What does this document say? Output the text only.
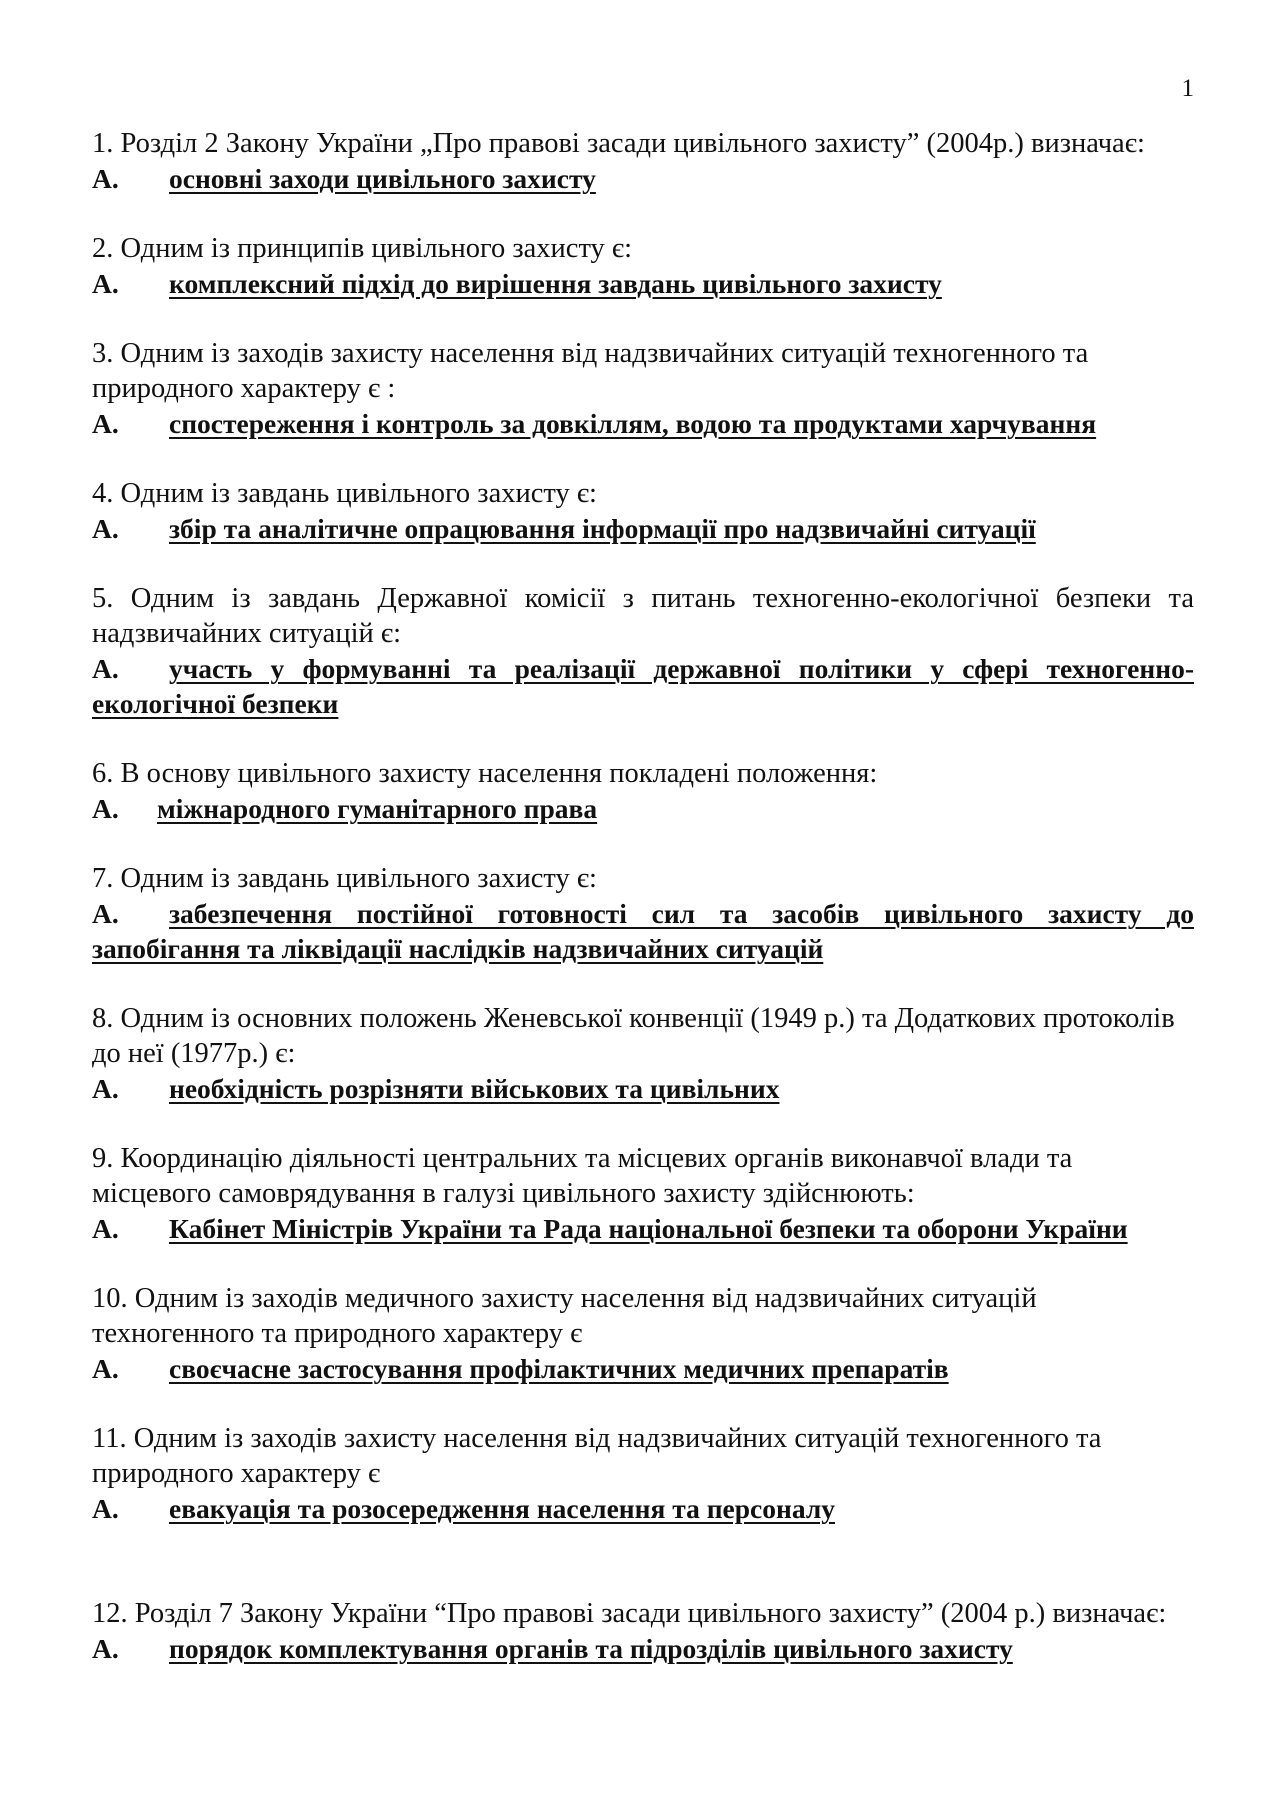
1

1. Розділ 2 Закону України „Про правові засади цивільного захисту” (2004р.) визначає:

А. основні заходи цивільного захисту

2. Одним із принципів цивільного захисту є:

А. комплексний підхід до вирішення завдань цивільного захисту

3. Одним із заходів захисту населення від надзвичайних ситуацій техногенного та природного характеру є :

А. спостереження і контроль за довкіллям, водою та продуктами харчування

4. Одним із завдань цивільного захисту є:

А. збір та аналітичне опрацювання інформації про надзвичайні ситуації

5. Одним із завдань Державної комісії з питань техногенно-екологічної безпеки та надзвичайних ситуацій є:

А. участь у формуванні та реалізації державної політики у сфері техногенно-екологічної безпеки

6. В основу цивільного захисту населення покладені положення:

А. міжнародного гуманітарного права

7. Одним із завдань цивільного захисту є:

А. забезпечення постійної готовності сил та засобів цивільного захисту до запобігання та ліквідації наслідків надзвичайних ситуацій

8. Одним із основних положень Женевської конвенції (1949 р.) та Додаткових протоколів до неї (1977р.) є:

А. необхідність розрізняти військових та цивільних

9. Координацію діяльності центральних та місцевих органів виконавчої влади та місцевого самоврядування в галузі цивільного захисту здійснюють:

А. Кабінет Міністрів України та Рада національної безпеки та оборони України

10. Одним із заходів медичного захисту населення від надзвичайних ситуацій техногенного та природного характеру є

А. своєчасне застосування профілактичних медичних препаратів

11. Одним із заходів захисту населення від надзвичайних ситуацій техногенного та природного характеру є

А. евакуація та розосередження населення та персоналу

12. Розділ 7 Закону України “Про правові засади цивільного захисту” (2004 р.) визначає:

А. порядок комплектування органів та підрозділів цивільного захисту
